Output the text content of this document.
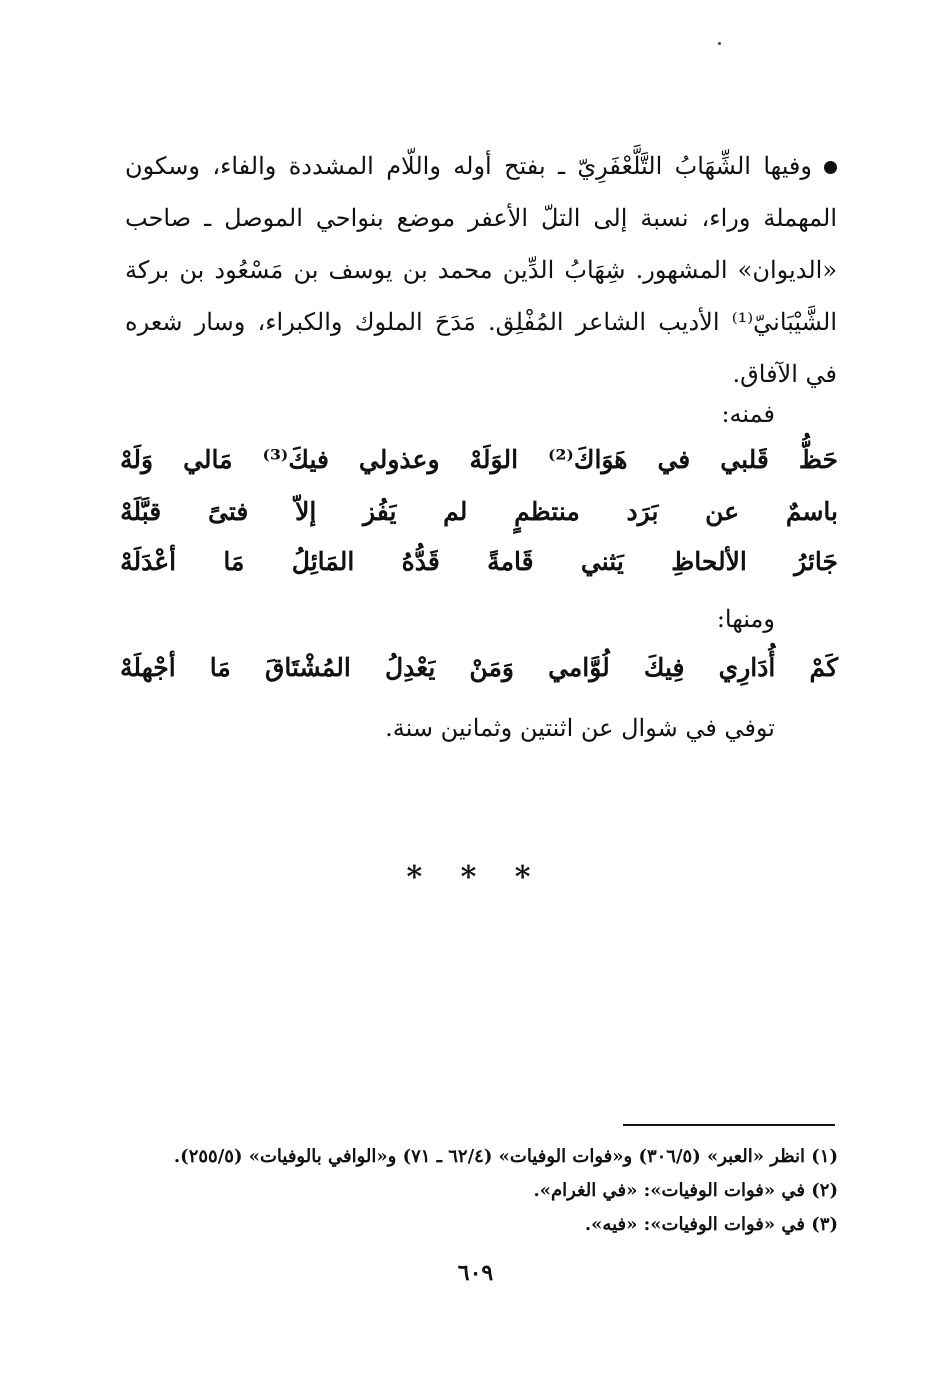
وفيها الشِّهَابُ التَّلَّعْفَرِيّ ـ بفتح أوله واللّام المشددة والفاء، وسكون المهملة وراء، نسبة إلى التلّ الأعفر موضع بنواحي الموصل ـ صاحب «الديوان» المشهور. شِهَابُ الدِّين محمد بن يوسف بن مَسْعُود بن بركة الشَّيْبَانيّ⁽¹⁾ الأديب الشاعر المُفْلِق. مَدَحَ الملوك والكبراء، وسار شعره في الآفاق.

فمنه:
حَظُّ
قَلبي
في
هَوَاكَ⁽²⁾
الوَلَهْ
وعذولي
فيكَ⁽³⁾
مَالي
وَلَهْ
باسمٌ
عن
بَرَد
منتظمٍ
لم
يَفُز
إلاّ
فتىً
قبَّلَهْ
جَائرُ
الألحاظِ
يَثني
قَامةً
قَدُّهُ
المَائِلُ
مَا
أعْدَلَهْ
ومنها:
كَمْ
أُدَارِي
فِيكَ
لُوَّامي
وَمَنْ
يَعْدِلُ
المُشْتَاقَ
مَا
أجْهلَهْ
توفي في شوال عن اثنتين وثمانين سنة.
* * *

(١) انظر «العبر» (٣٠٦/٥) و«فوات الوفيات» (٦٢/٤ ـ ٧١) و«الوافي بالوفيات» (٢٥٥/٥).

(٢) في «فوات الوفيات»: «في الغرام».

(٣) في «فوات الوفيات»: «فيه».

٦٠٩
